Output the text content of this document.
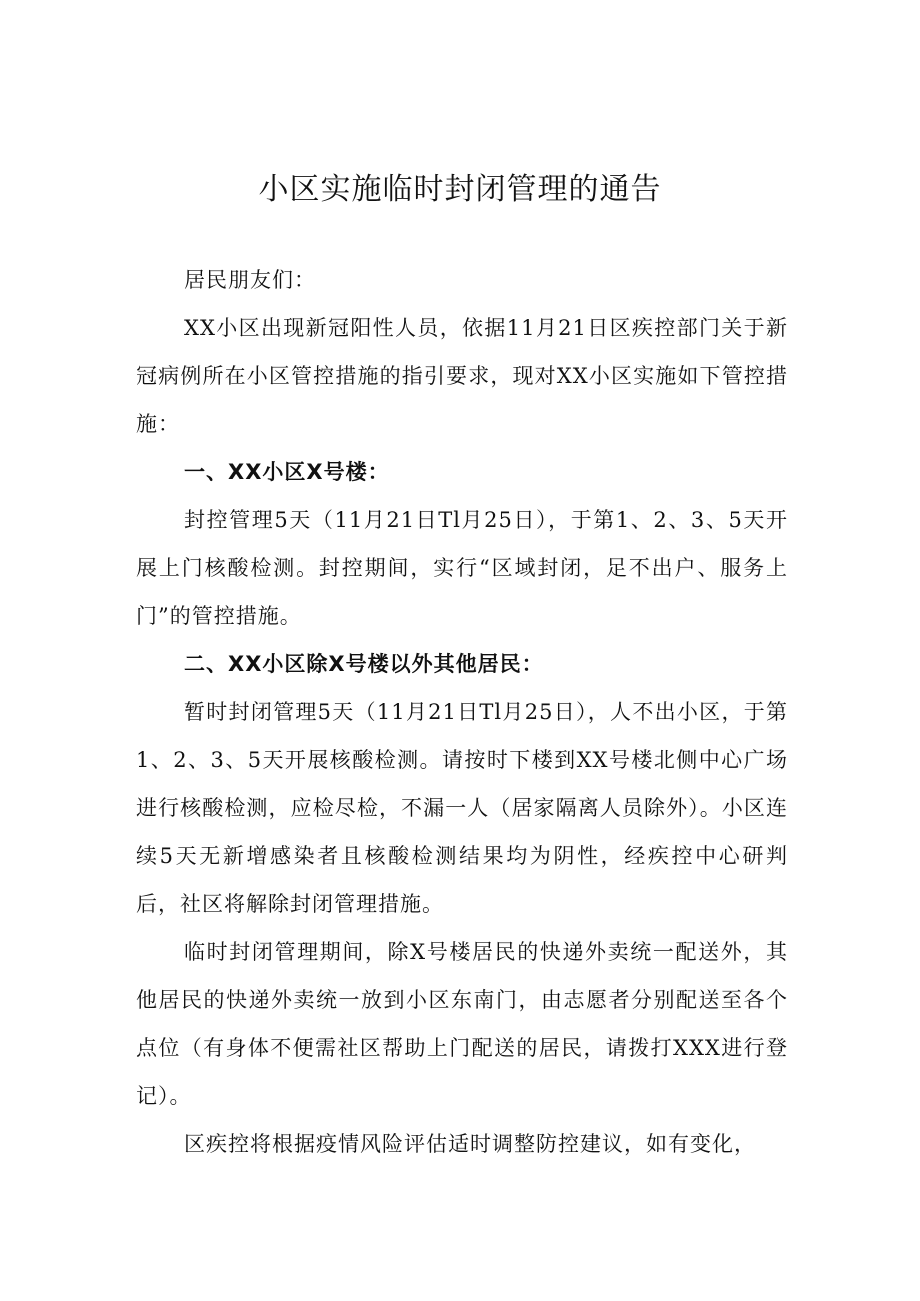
小区实施临时封闭管理的通告

居民朋友们：

XX小区出现新冠阳性人员，依据11月21日区疾控部门关于新冠病例所在小区管控措施的指引要求，现对XX小区实施如下管控措施：

一、XX小区X号楼：

封控管理5天（11月21日Tl月25日），于第1、2、3、5天开展上门核酸检测。封控期间，实行“区域封闭，足不出户、服务上门”的管控措施。

二、XX小区除X号楼以外其他居民：

暂时封闭管理5天（11月21日Tl月25日），人不出小区，于第1、2、3、5天开展核酸检测。请按时下楼到XX号楼北侧中心广场进行核酸检测，应检尽检，不漏一人（居家隔离人员除外）。小区连续5天无新增感染者且核酸检测结果均为阴性，经疾控中心研判后，社区将解除封闭管理措施。

临时封闭管理期间，除X号楼居民的快递外卖统一配送外，其他居民的快递外卖统一放到小区东南门，由志愿者分别配送至各个点位（有身体不便需社区帮助上门配送的居民，请拨打XXX进行登记）。

区疾控将根据疫情风险评估适时调整防控建议，如有变化，
